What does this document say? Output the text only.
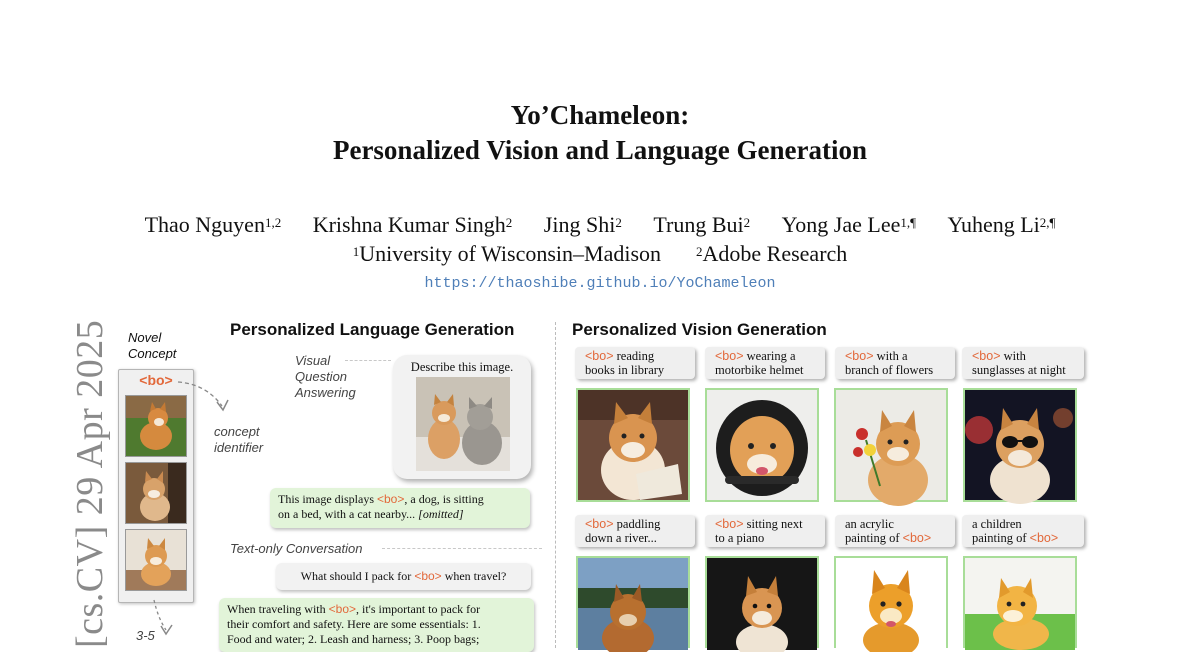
Yo’Chameleon:
Personalized Vision and Language Generation
Thao Nguyen$^{1,2}$ Krishna Kumar Singh$^2$ Jing Shi$^2$ Trung Bui$^2$ Yong Jae Lee$^{1,\P}$ Yuheng $Li^{2,\P}$
$^1$University of Wisconsin–Madison	$^2$Adobe Research
https://thaoshibe.github.io/YoChameleon
[cs.CV] 29 Apr 2025 Novel
Concept
<bo>
concept
identifier
3-5
Personalized Language Generation
Visual
Question
Answering
Describe this image.
This image displays <bo>, a dog, is sitting
on a bed, with a cat nearby... [omitted]
Text-only Conversation
What should I pack for <bo> when travel?
When traveling with <bo>, it's important to pack for
their comfort and safety. Here are some essentials: 1.
Food and water; 2. Leash and harness; 3. Poop bags;
Personalized Vision Generation
<bo> reading
books in library
<bo> wearing a
motorbike helmet
<bo> with a
branch of flowers
<bo> with
sunglasses at night
<bo> paddling
down a river...
<bo> sitting next
to a piano
an acrylic
painting of <bo>
a children
painting of <bo>
